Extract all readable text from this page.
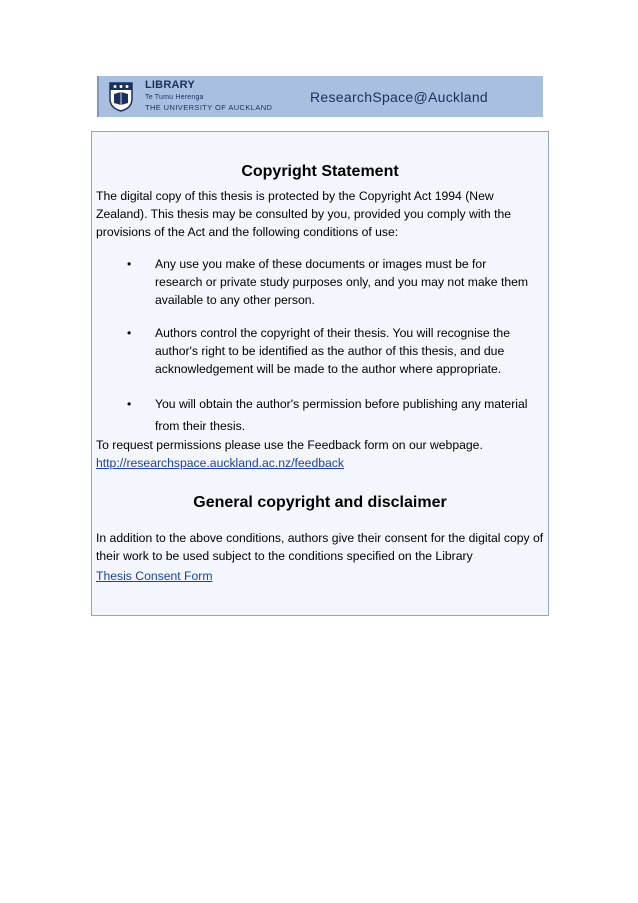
LIBRARY
Te Tumu Herenga
THE UNIVERSITY OF AUCKLAND
ResearchSpace@Auckland
Copyright Statement
The digital copy of this thesis is protected by the Copyright Act 1994 (New Zealand). This thesis may be consulted by you, provided you comply with the provisions of the Act and the following conditions of use:
• Any use you make of these documents or images must be for research or private study purposes only, and you may not make them available to any other person.
• Authors control the copyright of their thesis. You will recognise the author's right to be identified as the author of this thesis, and due acknowledgement will be made to the author where appropriate.
• You will obtain the author's permission before publishing any material from their thesis.
To request permissions please use the Feedback form on our webpage.
http://researchspace.auckland.ac.nz/feedback
General copyright and disclaimer
In addition to the above conditions, authors give their consent for the digital copy of their work to be used subject to the conditions specified on the Library
Thesis Consent Form
